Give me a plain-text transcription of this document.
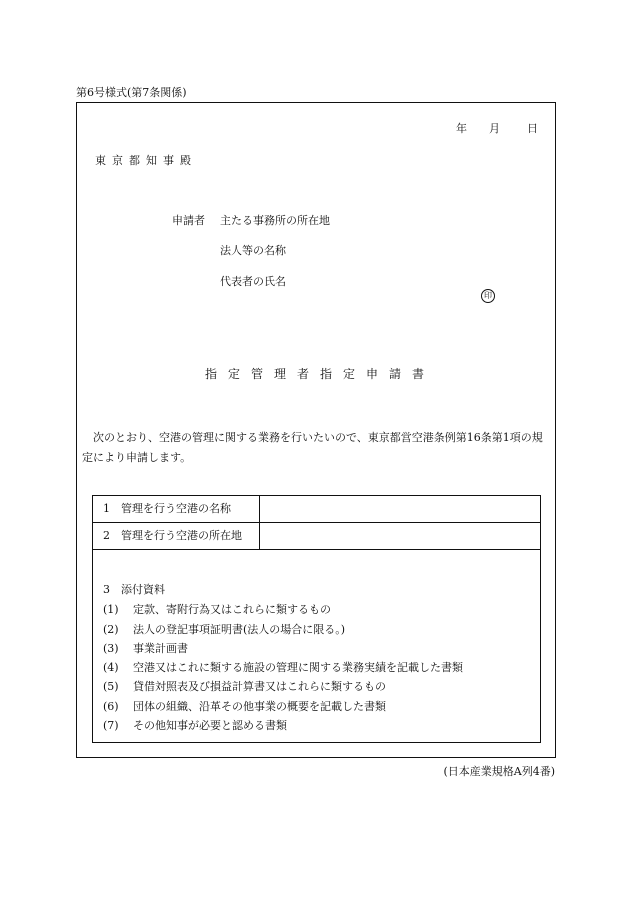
第6号様式(第7条関係)
年 月 日
東京都知事殿
申請者 主たる事務所の所在地
法人等の名称
代表者の氏名
印
指定管理者指定申請書
次のとおり、空港の管理に関する業務を行いたいので、東京都営空港条例第16条第1項の規定により申請します。
1　管理を行う空港の名称
2　管理を行う空港の所在地
3　添付資料
(1) 定款、寄附行為又はこれらに類するもの
(2) 法人の登記事項証明書(法人の場合に限る。)
(3) 事業計画書
(4) 空港又はこれに類する施設の管理に関する業務実績を記載した書類
(5) 貸借対照表及び損益計算書又はこれらに類するもの
(6) 団体の組織、沿革その他事業の概要を記載した書類
(7) その他知事が必要と認める書類
(日本産業規格A列4番)
